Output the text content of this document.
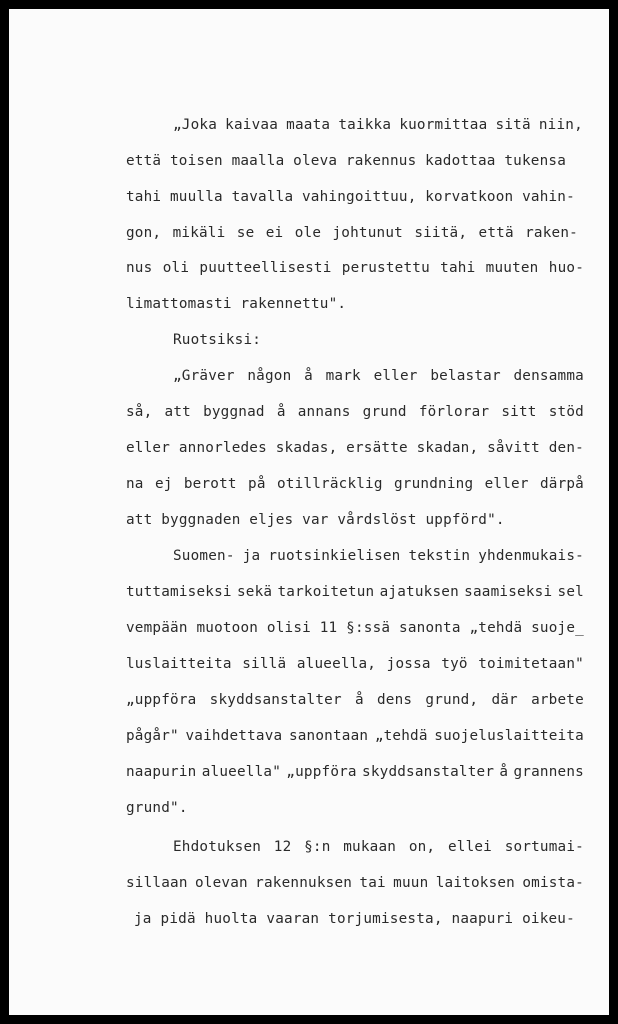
„Joka kaivaa maata taikka kuormittaa sitä niin,
että toisen maalla oleva rakennus kadottaa tukensa
tahi muulla tavalla vahingoittuu, korvatkoon vahin-
gon, mikäli se ei ole johtunut siitä, että raken-
nus oli puutteellisesti perustettu tahi muuten huo-
limattomasti rakennettu".
Ruotsiksi:
„Gräver någon å mark eller belastar densamma
så, att byggnad å annans grund förlorar sitt stöd
eller annorledes skadas, ersätte skadan, såvitt den-
na ej berott på otillräcklig grundning eller därpå
att byggnaden eljes var vårdslöst uppförd".
Suomen- ja ruotsinkielisen tekstin yhdenmukais-
tuttamiseksi sekä tarkoitetun ajatuksen saamiseksi sel
vempään muotoon olisi 11 §:ssä sanonta „tehdä suoje_
luslaitteita sillä alueella, jossa työ toimitetaan"
„uppföra skyddsanstalter å dens grund, där arbete
pågår" vaihdettava sanontaan „tehdä suojeluslaitteita
naapurin alueella" „uppföra skyddsanstalter å grannens
grund".
Ehdotuksen 12 §:n mukaan on, ellei sortumai-
sillaan olevan rakennuksen tai muun laitoksen omista-
ja pidä huolta vaaran torjumisesta, naapuri oikeu-
